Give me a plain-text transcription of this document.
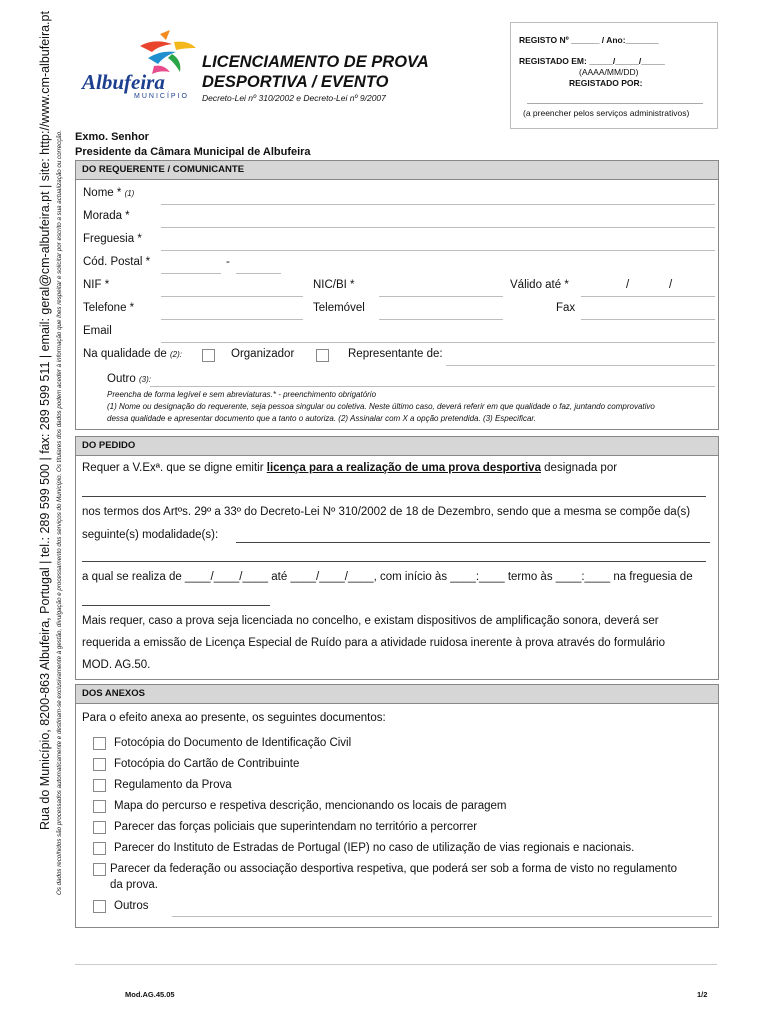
Rua do Município, 8200-863 Albufeira, Portugal | tel.: 289 599 500 | fax: 289 599 511 | email: geral@cm-albufeira.pt | site: http://www.cm-albufeira.pt Os dados recolhidos são processados automaticamente e destinam-se exclusivamente à gestão, divulgação e processamento dos serviços do Município. Os titulares dos dados podem aceder à informação que lhes respeitar e solicitar por escrito a sua actualização ou correcção.
Albufeira
MUNICÍPIO
LICENCIAMENTO DE PROVA
DESPORTIVA / EVENTO
Decreto-Lei nº 310/2002 e Decreto-Lei nº 9/2007
REGISTO Nº ______ / Ano:_______
REGISTADO EM: _____/_____/_____
(AAAA/MM/DD)
REGISTADO POR:
(a preencher pelos serviços administrativos)
Exmo. Senhor
Presidente da Câmara Municipal de Albufeira
DO REQUERENTE / COMUNICANTE
Nome * (1)
Morada *
Freguesia *
Cód. Postal *	-
NIF *	NIC/BI *	Válido até *	/	/
Telefone *	Telemóvel	Fax
Email
Na qualidade de (2):	Organizador	Representante de:
Outro (3):
Preencha de forma legível e sem abreviaturas.* - preenchimento obrigatório
(1) Nome ou designação do requerente, seja pessoa singular ou coletiva. Neste último caso, deverá referir em que qualidade o faz, juntando comprovativo
dessa qualidade e apresentar documento que a tanto o autoriza. (2) Assinalar com X a opção pretendida. (3) Especificar.
DO PEDIDO
Requer a V.Exª. que se digne emitir licença para a realização de uma prova desportiva designada por
nos termos dos Artºs. 29º a 33º do Decreto-Lei Nº 310/2002 de 18 de Dezembro, sendo que a mesma se compõe da(s)
seguinte(s) modalidade(s):
a qual se realiza de ____/____/____ até ____/____/____, com início às ____:____ termo às ____:____ na freguesia de
Mais requer, caso a prova seja licenciada no concelho, e existam dispositivos de amplificação sonora, deverá ser
requerida a emissão de Licença Especial de Ruído para a atividade ruidosa inerente à prova através do formulário
MOD. AG.50.
DOS ANEXOS
Para o efeito anexa ao presente, os seguintes documentos:
Fotocópia do Documento de Identificação Civil
Fotocópia do Cartão de Contribuinte
Regulamento da Prova
Mapa do percurso e respetiva descrição, mencionando os locais de paragem
Parecer das forças policiais que superintendam no território a percorrer
Parecer do Instituto de Estradas de Portugal (IEP) no caso de utilização de vias regionais e nacionais.
Parecer da federação ou associação desportiva respetiva, que poderá ser sob a forma de visto no regulamento
da prova.
Outros
Mod.AG.45.05	1/2
